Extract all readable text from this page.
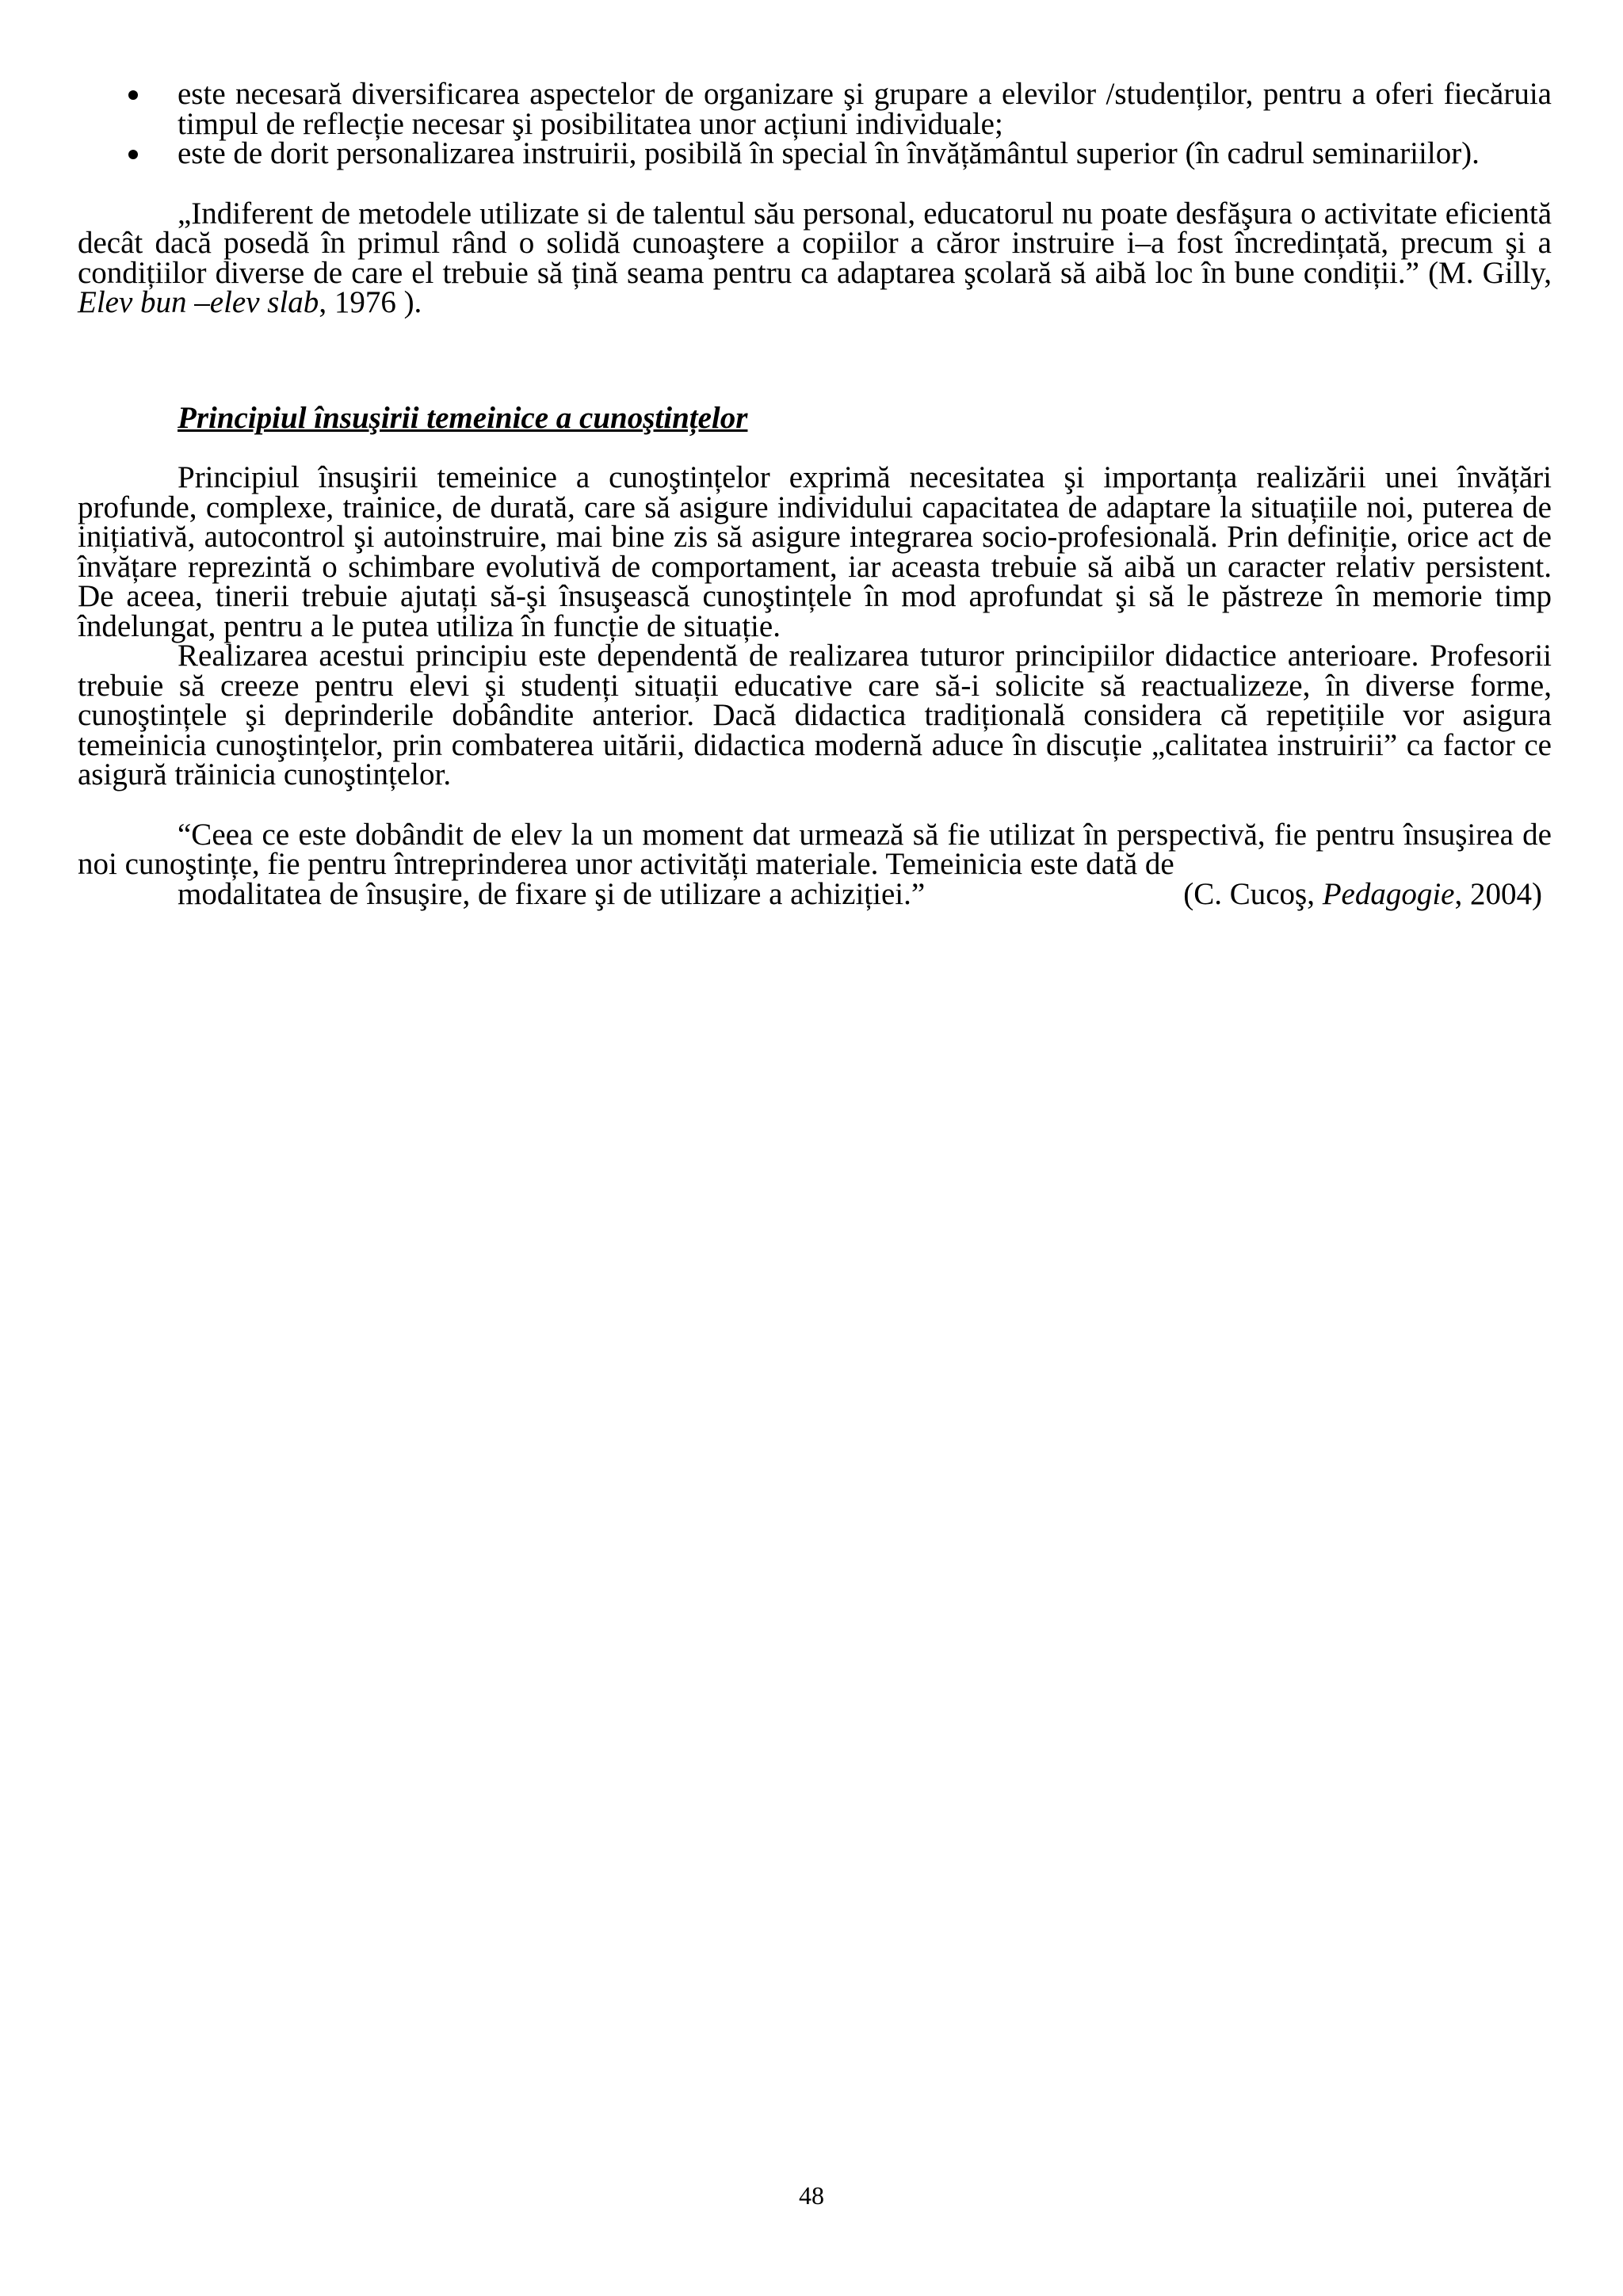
este necesară diversificarea aspectelor de organizare şi grupare a elevilor /studenților, pentru a oferi fiecăruia timpul de reflecție necesar şi posibilitatea unor acțiuni individuale;
este de dorit personalizarea instruirii, posibilă în special în învățământul superior (în cadrul seminariilor).

„Indiferent de metodele utilizate si de talentul său personal, educatorul nu poate desfăşura o activitate eficientă decât dacă posedă în primul rând o solidă cunoaştere a copiilor a căror instruire i–a fost încredințată, precum şi a condițiilor diverse de care el trebuie să țină seama pentru ca adaptarea şcolară să aibă loc în bune condiții.” (M. Gilly, Elev bun –elev slab, 1976 ).

Principiul însuşirii temeinice a cunoştințelor

Principiul însuşirii temeinice a cunoştințelor exprimă necesitatea şi importanța realizării unei învățări profunde, complexe, trainice, de durată, care să asigure individului capacitatea de adaptare la situațiile noi, puterea de inițiativă, autocontrol şi autoinstruire, mai bine zis să asigure integrarea socio-profesională. Prin definiție, orice act de învățare reprezintă o schimbare evolutivă de comportament, iar aceasta trebuie să aibă un caracter relativ persistent. De aceea, tinerii trebuie ajutați să-şi însuşească cunoştințele în mod aprofundat şi să le păstreze în memorie timp îndelungat, pentru a le putea utiliza în funcție de situație.

Realizarea acestui principiu este dependentă de realizarea tuturor principiilor didactice anterioare. Profesorii trebuie să creeze pentru elevi şi studenți situații educative care să-i solicite să reactualizeze, în diverse forme, cunoştințele şi deprinderile dobândite anterior. Dacă didactica tradițională considera că repetițiile vor asigura temeinicia cunoştințelor, prin combaterea uitării, didactica modernă aduce în discuție „calitatea instruirii” ca factor ce asigură trăinicia cunoştințelor.

“Ceea ce este dobândit de elev la un moment dat urmează să fie utilizat în perspectivă, fie pentru însuşirea de noi cunoştințe, fie pentru întreprinderea unor activități materiale. Temeinicia este dată de

modalitatea de însuşire, de fixare şi de utilizare a achiziției.”	(C. Cucoş, Pedagogie, 2004)
48
